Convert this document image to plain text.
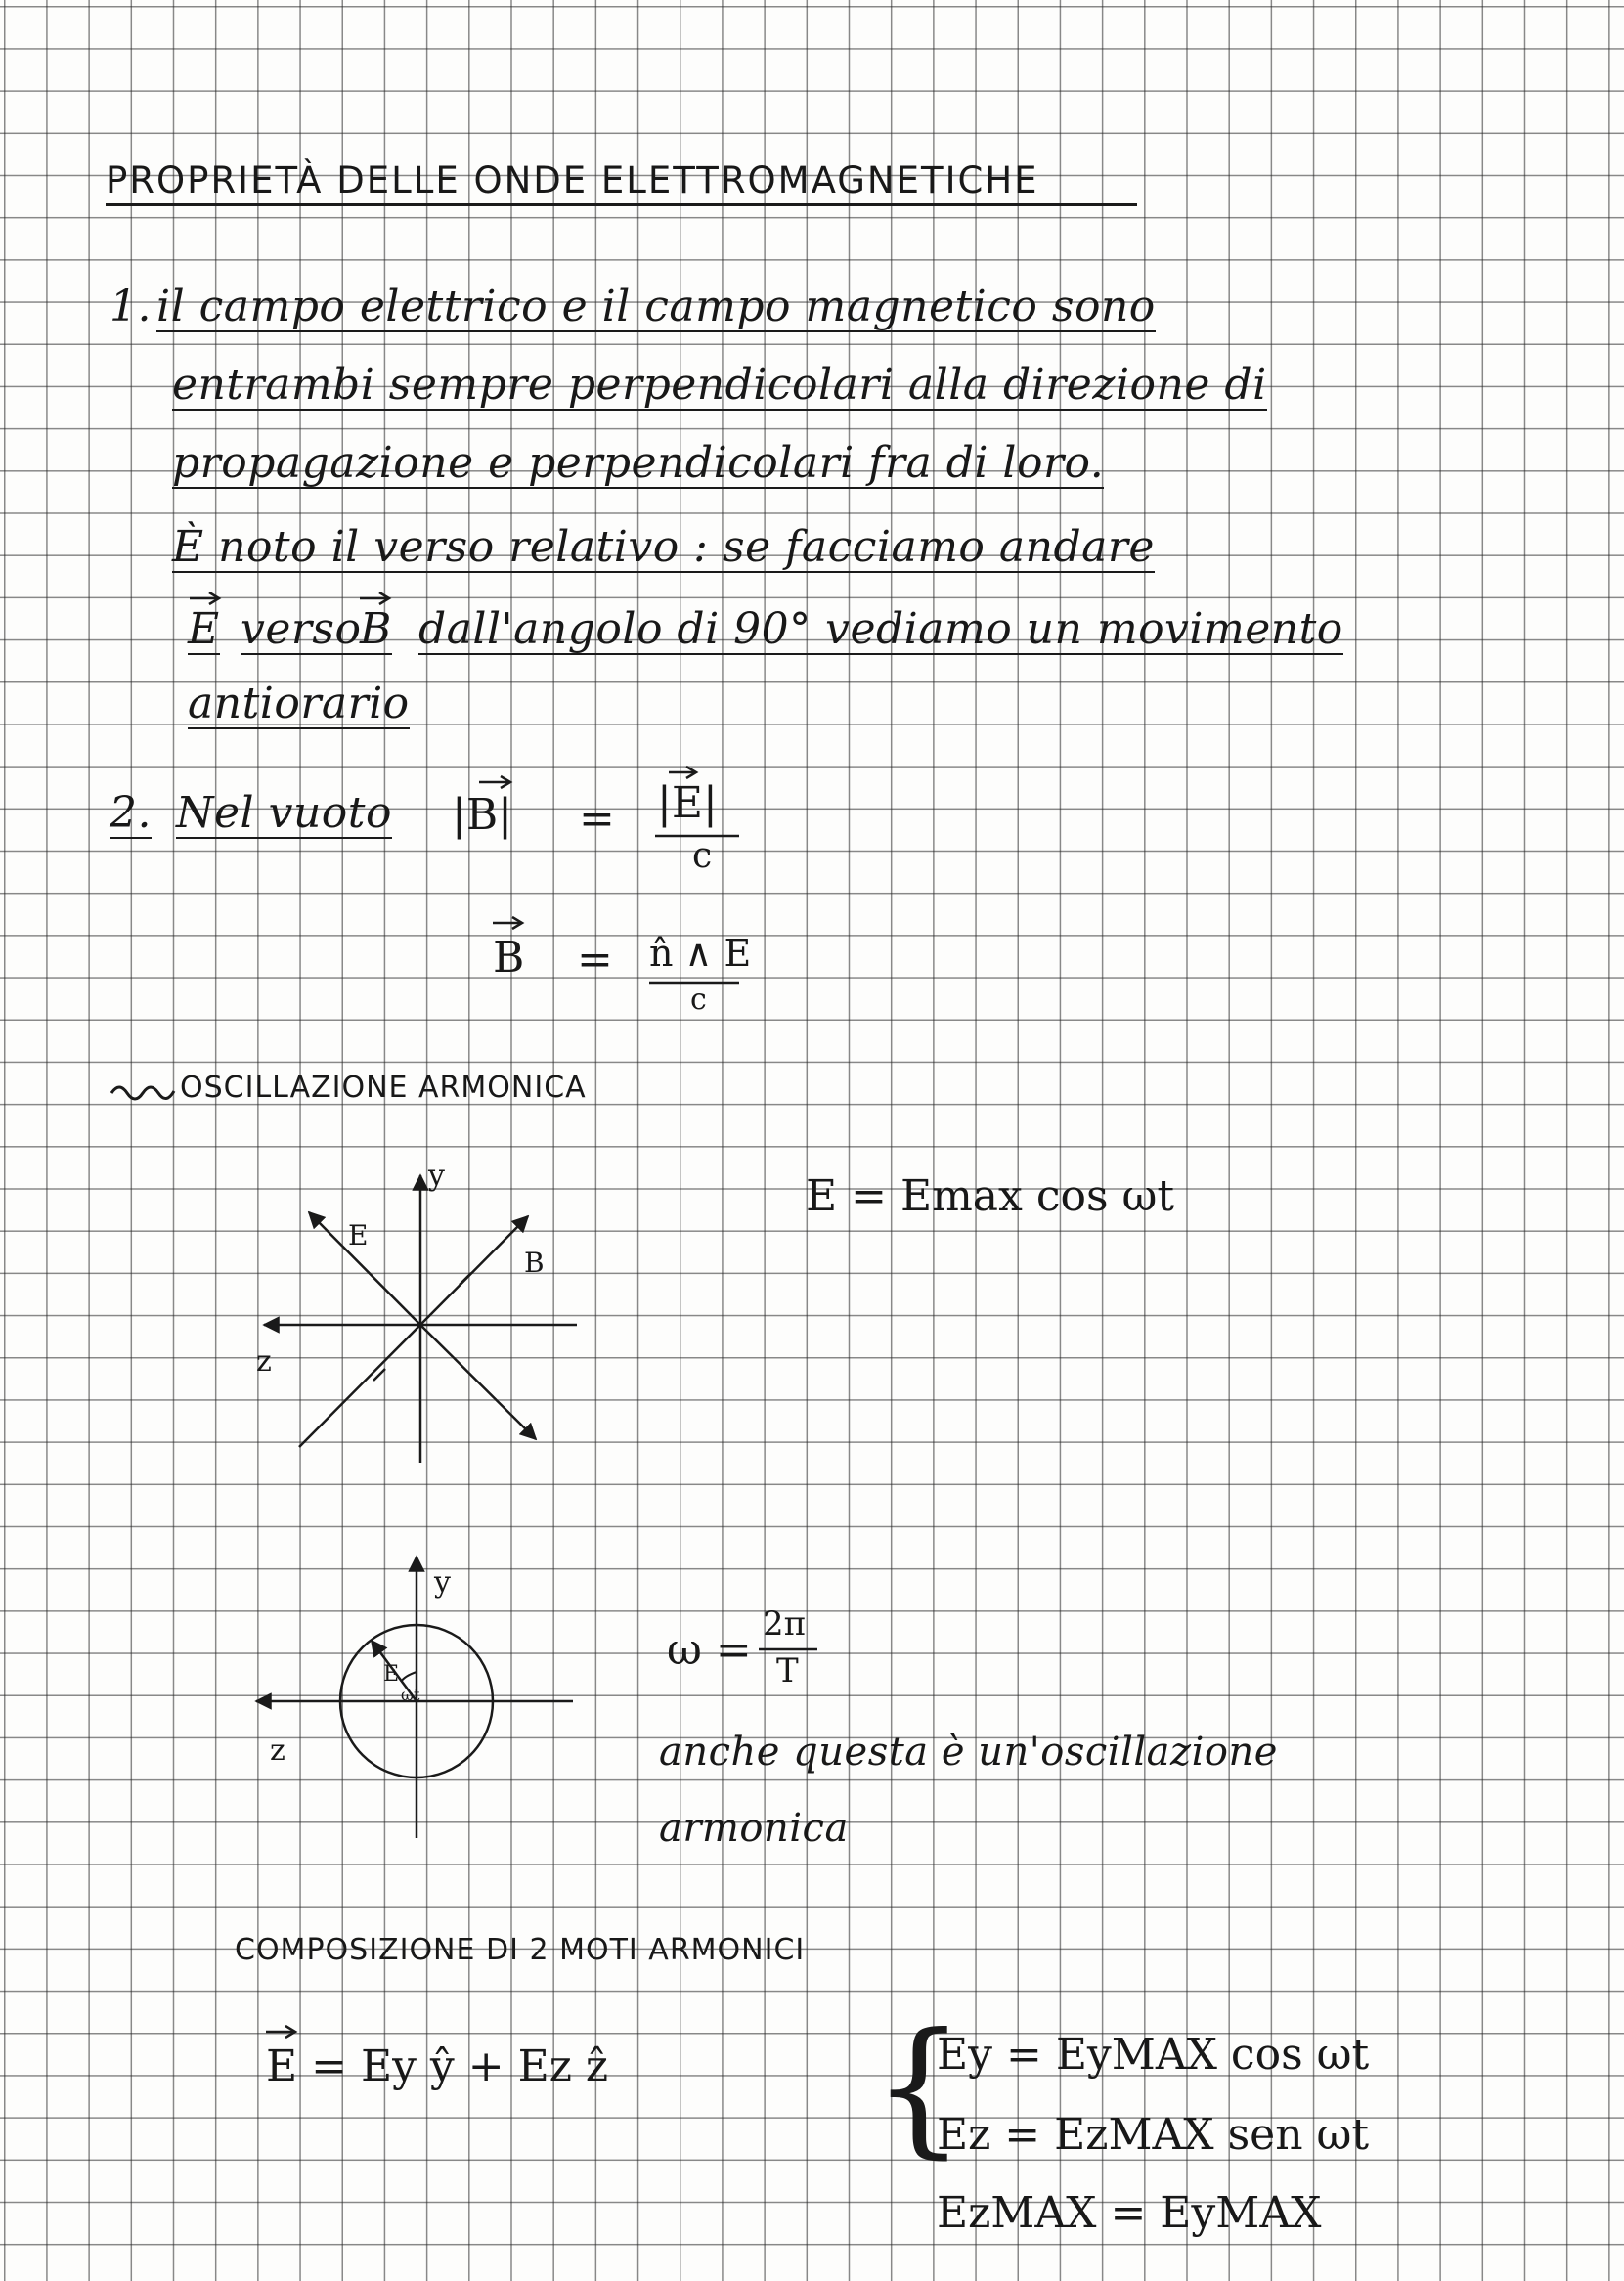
PROPRIETÀ DELLE ONDE ELETTROMAGNETICHE
1. il campo elettrico e il campo magnetico sono
entrambi sempre perpendicolari alla direzione di
propagazione e perpendicolari fra di loro.
È noto il verso relativo : se facciamo andare
E verso
B dall'angolo di 90° vediamo un movimento
antiorario
2. Nel vuoto |B| = |E|
c
B = n̂ ∧ E
c
OSCILLAZIONE ARMONICA
E = Emax cos ωt
y
z
E
B
y
z
E
ωt
ω =
2π
T
anche questa è un'oscillazione
armonica
COMPOSIZIONE DI 2 MOTI ARMONICI
E = Ey ŷ + Ez ẑ {
Ey = EyMAX cos ωt
Ez = EzMAX sen ωt
EzMAX = EyMAX
